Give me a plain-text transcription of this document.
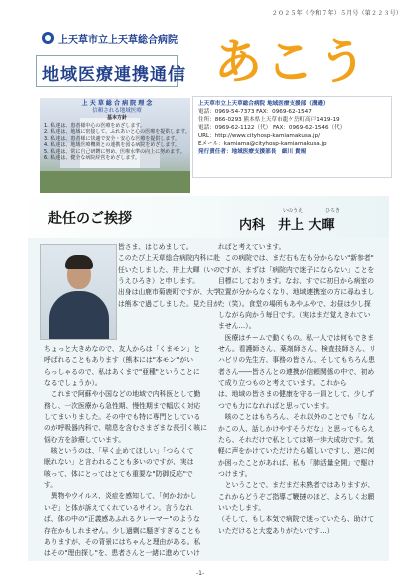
２０２５年（令和７年）５月号（第２２３号）
上天草市立上天草総合病院
地域医療連携通信 あこう
上 天 草 総 合 病 院 理 念
信頼される地域医療
基本方針
1. 私達は、患者様中心の医療をめざします。
2. 私達は、地域に密接して、ふれあいと心の医療を提供します。
3. 私達は、患者様に快適で安全・安心な医療を提供します。
4. 私達は、地域医療機関との連携を図る病院をめざします。
5. 私達は、常に自己研鑽に努め、医療水準の向上に努めます。
6. 私達は、健全な病院経営をめざします。
上天草市立上天草総合病院 地域医療支援部（溝邉）
電話：0969-54-7373 FAX：0969-62-1547
住所：866-0293 熊本県上天草市龍ケ岳町高戸1419-19
電話：0969-62-1122（代） FAX：0969-62-1546（代）
URL：http://www.cityhosp-kamiamakusa.jp/
Eメール：kamiama@cityhosp-kamiamakusa.jp
発行責任者：地域医療支援部長　細川 貴規
赴任のご挨拶	いのうえ	ひろき
内科　井上 大暉
皆さま、はじめまして。
このたび上天草総合病院内科に赴
任いたしました、井上大暉（いの
うえひろき）と申します。
出身は山鹿市菊鹿町ですが、大学
は熊本で過ごしました。見た目が
ちょっと大きめなので、友人からは「くまモン」と
呼ばれることもあります（熊本には"本モン"がい
らっしゃるので、私はあくまで"亜種"ということに
なるでしょうか）。
　これまで阿蘇や小国などの地域で内科医として勤
務し、一次医療から急性期、慢性期まで幅広く対応
してまいりました。その中でも特に専門としている
のが呼吸器内科で、喘息を含むさまざまな長引く咳に
悩む方を診療しています。
　咳というのは、「早く止めてほしい」「つらくて
眠れない」と言われることも多いのですが、実は
咳って、体にとってはとても重要な"防御反応"で
す。
　異物やウイルス、炎症を感知して、「何かおかし
いぞ」と体が訴えてくれているサイン。言うなれ
ば、体の中の"正義感あふれるクレーマー"のような
存在かもしれません。少し過剰に騒ぎすぎることも
ありますが、その背景にはちゃんと理由がある。私
はその"理由探し"を、患者さんと一緒に進めていけ
ればと考えています。
　この病院では、まだ右も左も分からない"新参者"
ですが、まずは「病院内で迷子にならない」ことを
目標にしております。なお、すでに初日から病室の
位置が分からなくなり、地域連携室の方に尋ねまし
た（笑）。食堂の場所もあやふやで、お昼は少し探
しながら向かう毎日です。（実はまだ覚えきれてい
ません…）。
　医療はチームで動くもの。私一人では何もできま
せん。看護師さん、薬剤師さん、検査技師さん、リ
ハビリの先生方、事務の皆さん、そしてもちろん患
者さん――皆さんとの連携が信頼関係の中で、初め
て成り立つものと考えています。これから
は、地域の皆さまの健康を守る一員として、少しず
つでも力になれればと思っています。
　咳のことはもちろん、それ以外のことでも「なん
かこの人、話しかけやすそうだな」と思ってもらえ
たら、それだけで私としては第一歩大成功です。気
軽に声をかけていただけたら嬉しいですし、逆に何
か困ったことがあれば、私も「肺活量全開」で駆け
つけます。
　ということで、まだまだ未熟者ではありますが、
これからどうぞご指導ご鞭撻のほど、よろしくお願
いいたします。
（そして、もし本気で病院で迷っていたら、助けて
いただけると大変ありがたいです…）
-1-
